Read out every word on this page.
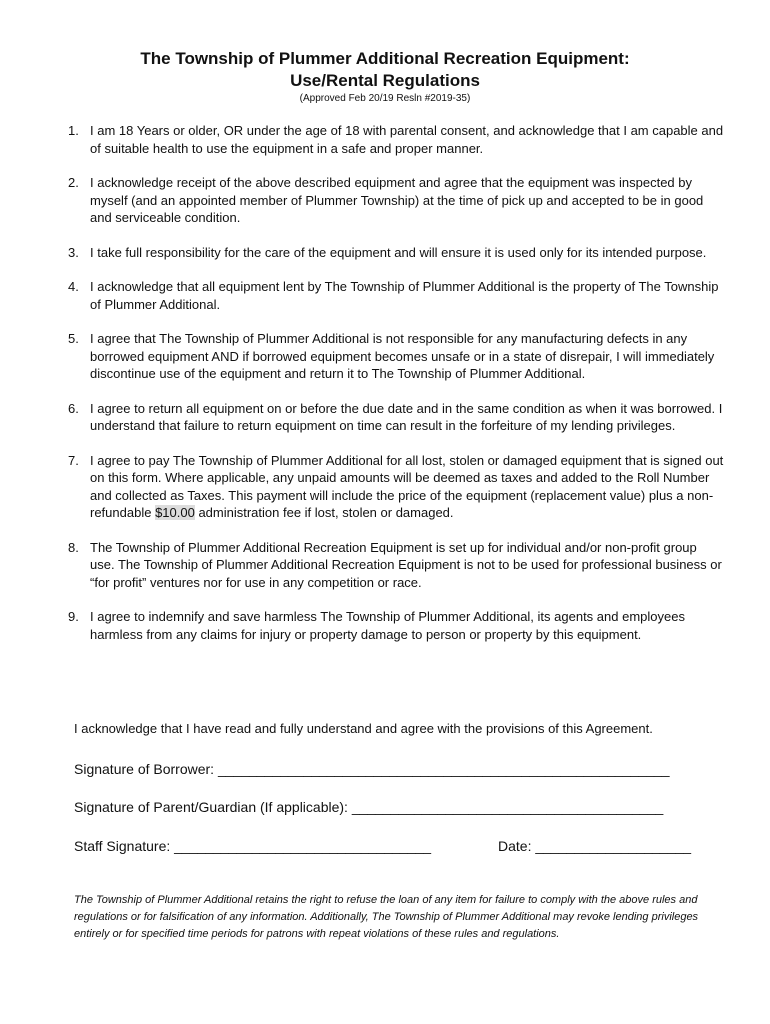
The Township of Plummer Additional Recreation Equipment:
Use/Rental Regulations
(Approved Feb 20/19 Resln #2019-35)
1. I am 18 Years or older, OR under the age of 18 with parental consent, and acknowledge that I am capable and of suitable health to use the equipment in a safe and proper manner.
2. I acknowledge receipt of the above described equipment and agree that the equipment was inspected by myself (and an appointed member of Plummer Township) at the time of pick up and accepted to be in good and serviceable condition.
3. I take full responsibility for the care of the equipment and will ensure it is used only for its intended purpose.
4. I acknowledge that all equipment lent by The Township of Plummer Additional is the property of The Township of Plummer Additional.
5. I agree that The Township of Plummer Additional is not responsible for any manufacturing defects in any borrowed equipment AND if borrowed equipment becomes unsafe or in a state of disrepair, I will immediately discontinue use of the equipment and return it to The Township of Plummer Additional.
6. I agree to return all equipment on or before the due date and in the same condition as when it was borrowed. I understand that failure to return equipment on time can result in the forfeiture of my lending privileges.
7. I agree to pay The Township of Plummer Additional for all lost, stolen or damaged equipment that is signed out on this form. Where applicable, any unpaid amounts will be deemed as taxes and added to the Roll Number and collected as Taxes. This payment will include the price of the equipment (replacement value) plus a non-refundable $10.00 administration fee if lost, stolen or damaged.
8. The Township of Plummer Additional Recreation Equipment is set up for individual and/or non-profit group use. The Township of Plummer Additional Recreation Equipment is not to be used for professional business or “for profit” ventures nor for use in any competition or race.
9. I agree to indemnify and save harmless The Township of Plummer Additional, its agents and employees harmless from any claims for injury or property damage to person or property by this equipment.
I acknowledge that I have read and fully understand and agree with the provisions of this Agreement.
Signature of Borrower: __________________________________________________________
Signature of Parent/Guardian (If applicable): ________________________________________
Staff Signature: _________________________________	Date: ____________________
The Township of Plummer Additional retains the right to refuse the loan of any item for failure to comply with the above rules and regulations or for falsification of any information. Additionally, The Township of Plummer Additional may revoke lending privileges entirely or for specified time periods for patrons with repeat violations of these rules and regulations.
